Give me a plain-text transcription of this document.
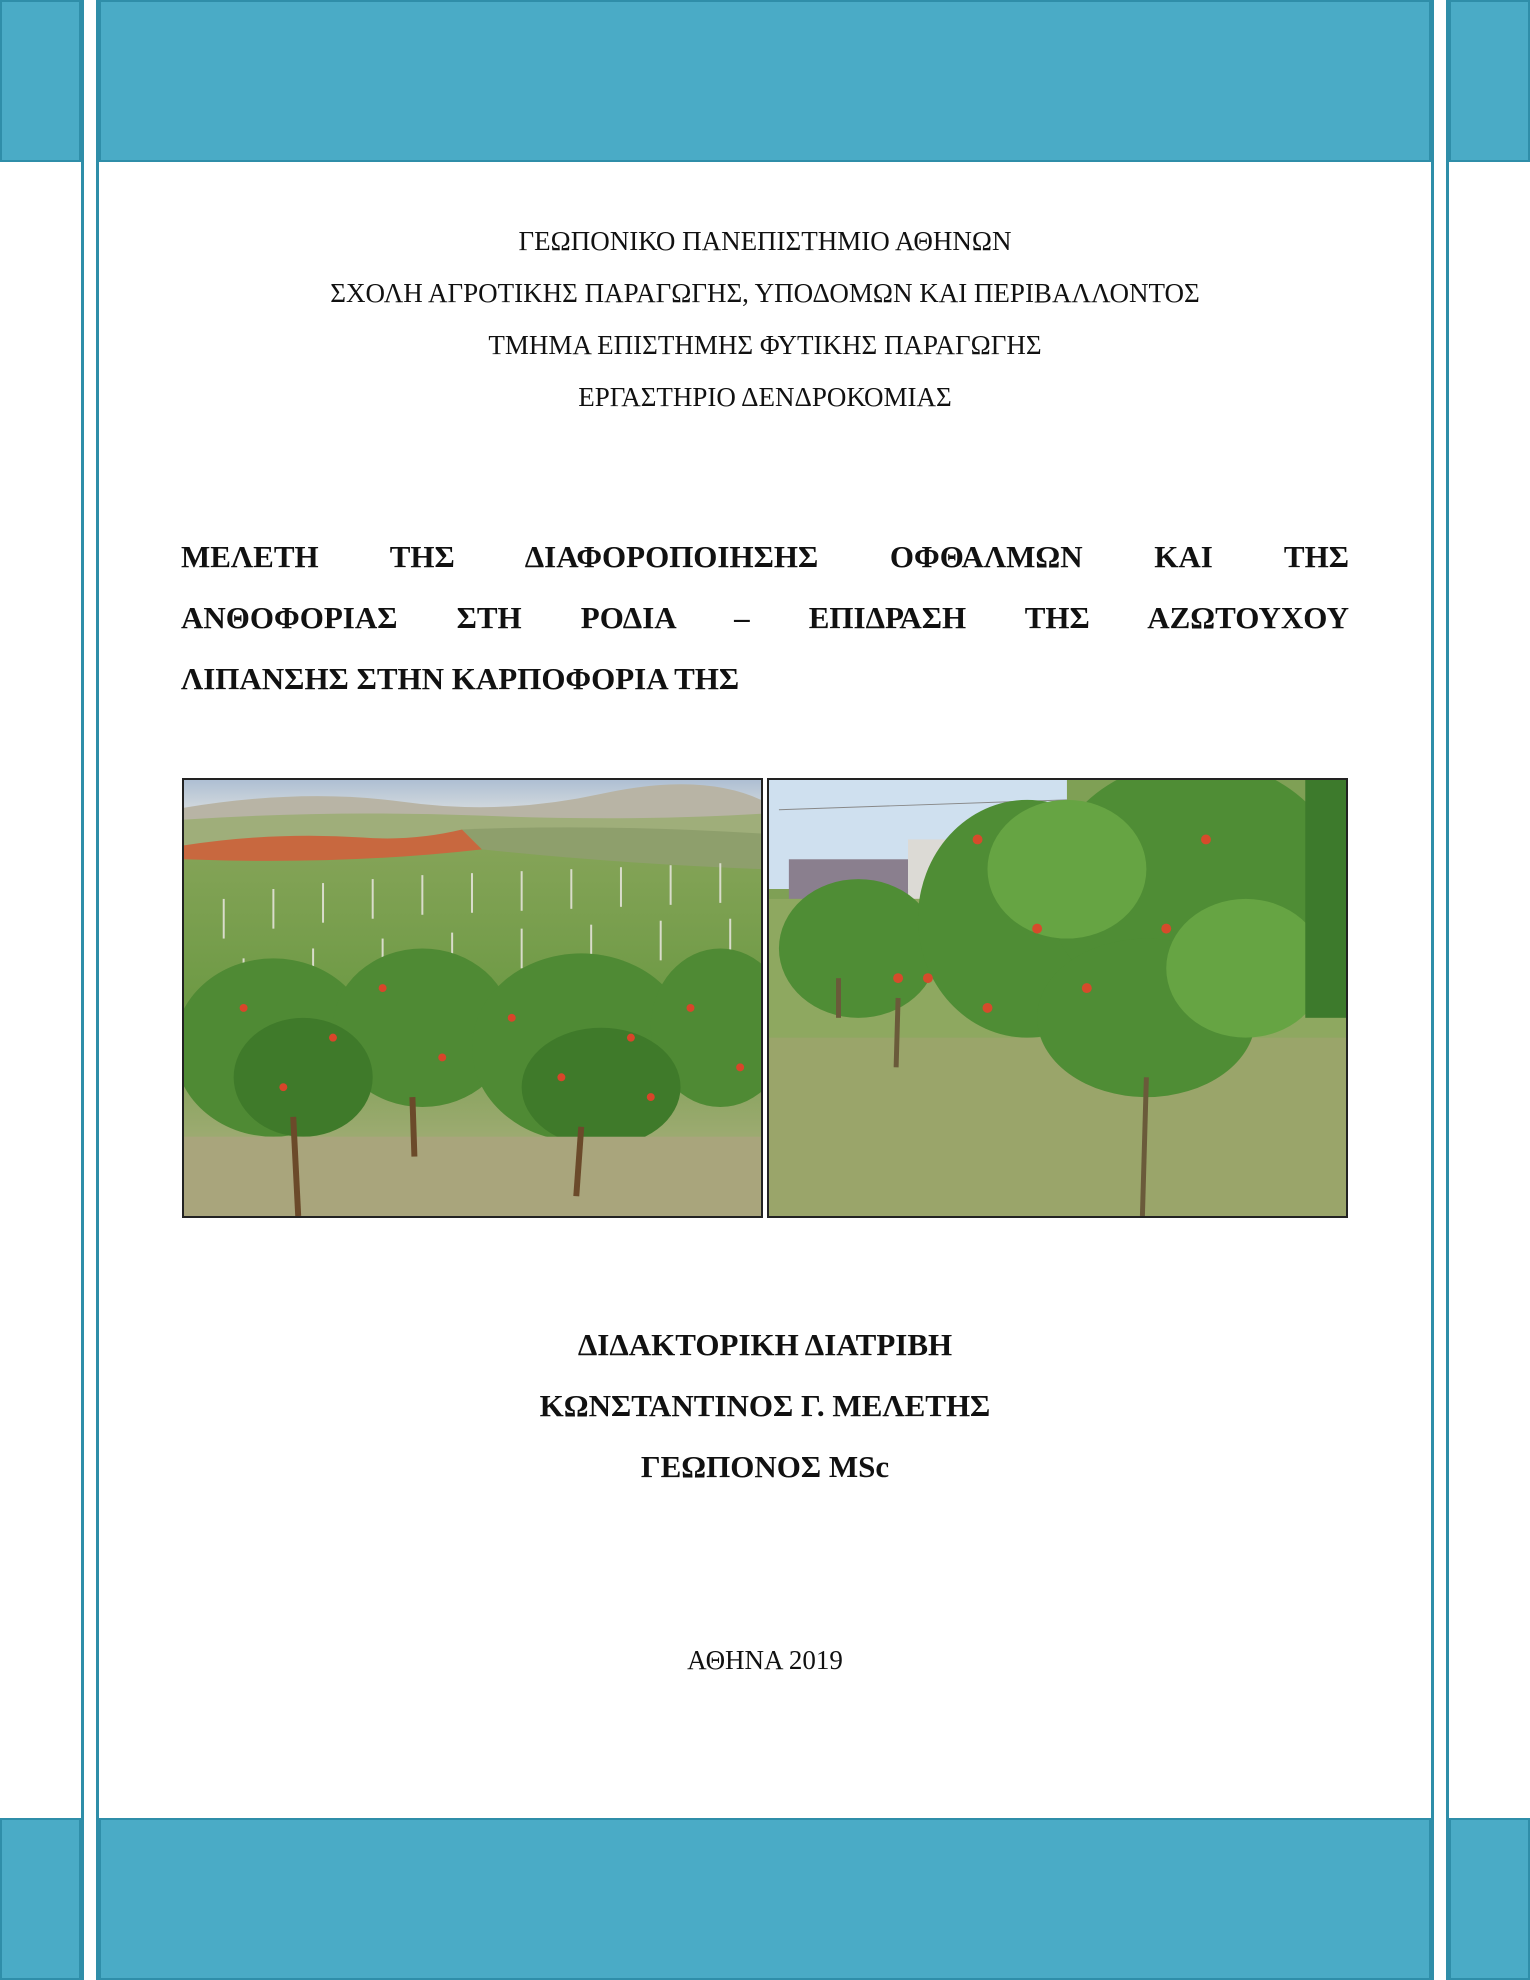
ΓΕΩΠΟΝΙΚΟ ΠΑΝΕΠΙΣΤΗΜΙΟ ΑΘΗΝΩΝ
ΣΧΟΛΗ ΑΓΡΟΤΙΚΗΣ ΠΑΡΑΓΩΓΗΣ, ΥΠΟΔΟΜΩΝ ΚΑΙ ΠΕΡΙΒΑΛΛΟΝΤΟΣ
ΤΜΗΜΑ ΕΠΙΣΤΗΜΗΣ ΦΥΤΙΚΗΣ ΠΑΡΑΓΩΓΗΣ
ΕΡΓΑΣΤΗΡΙΟ ΔΕΝΔΡΟΚΟΜΙΑΣ
ΜΕΛΕΤΗ ΤΗΣ ΔΙΑΦΟΡΟΠΟΙΗΣΗΣ ΟΦΘΑΛΜΩΝ ΚΑΙ ΤΗΣ
ΑΝΘΟΦΟΡΙΑΣ ΣΤΗ ΡΟΔΙΑ – ΕΠΙΔΡΑΣΗ ΤΗΣ ΑΖΩΤΟΥΧΟΥ
ΛΙΠΑΝΣΗΣ ΣΤΗΝ ΚΑΡΠΟΦΟΡΙΑ ΤΗΣ
ΔΙΔΑΚΤΟΡΙΚΗ ΔΙΑΤΡΙΒΗ
ΚΩΝΣΤΑΝΤΙΝΟΣ Γ. ΜΕΛΕΤΗΣ
ΓΕΩΠΟΝΟΣ MSc
ΑΘΗΝΑ 2019
